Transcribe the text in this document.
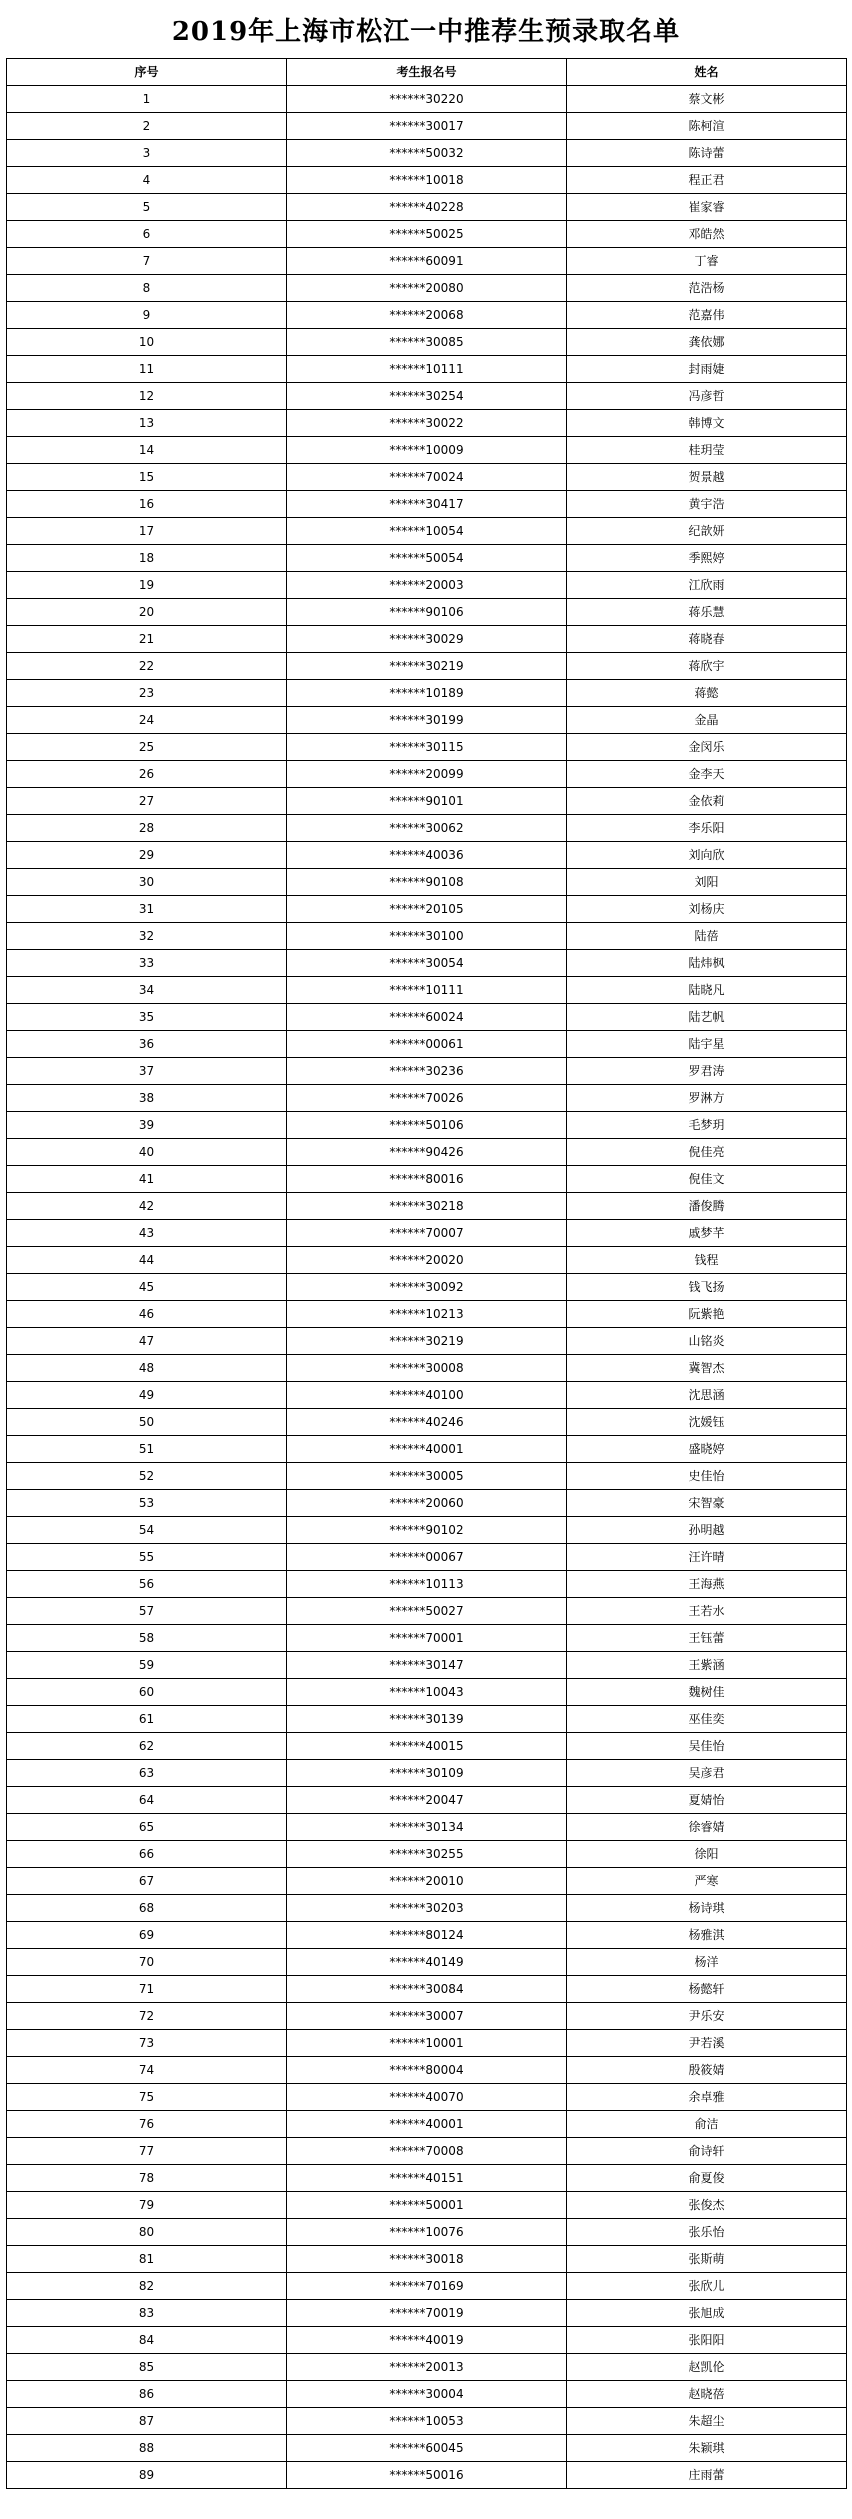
2019年上海市松江一中推荐生预录取名单
序号	考生报名号	姓名
1	******30220	蔡文彬
2	******30017	陈柯渲
3	******50032	陈诗蕾
4	******10018	程正君
5	******40228	崔家睿
6	******50025	邓皓然
7	******60091	丁睿
8	******20080	范浩杨
9	******20068	范嘉伟
10	******30085	龚依娜
11	******10111	封雨婕
12	******30254	冯彦哲
13	******30022	韩博文
14	******10009	桂玥莹
15	******70024	贺景越
16	******30417	黄宇浩
17	******10054	纪歆妍
18	******50054	季熙婷
19	******20003	江欣雨
20	******90106	蒋乐慧
21	******30029	蒋晓春
22	******30219	蒋欣宇
23	******10189	蒋懿
24	******30199	金晶
25	******30115	金闵乐
26	******20099	金李天
27	******90101	金依莉
28	******30062	李乐阳
29	******40036	刘向欣
30	******90108	刘阳
31	******20105	刘杨庆
32	******30100	陆蓓
33	******30054	陆炜枫
34	******10111	陆晓凡
35	******60024	陆艺帆
36	******00061	陆宇星
37	******30236	罗君涛
38	******70026	罗淋方
39	******50106	毛梦玥
40	******90426	倪佳亮
41	******80016	倪佳文
42	******30218	潘俊腾
43	******70007	戚梦芊
44	******20020	钱程
45	******30092	钱飞扬
46	******10213	阮紫艳
47	******30219	山铭炎
48	******30008	冀智杰
49	******40100	沈思涵
50	******40246	沈媛钰
51	******40001	盛晓婷
52	******30005	史佳怡
53	******20060	宋智豪
54	******90102	孙明越
55	******00067	汪许晴
56	******10113	王海燕
57	******50027	王若水
58	******70001	王钰蕾
59	******30147	王紫涵
60	******10043	魏树佳
61	******30139	巫佳奕
62	******40015	吴佳怡
63	******30109	吴彦君
64	******20047	夏婧怡
65	******30134	徐睿婧
66	******30255	徐阳
67	******20010	严寒
68	******30203	杨诗琪
69	******80124	杨雅淇
70	******40149	杨洋
71	******30084	杨懿轩
72	******30007	尹乐安
73	******10001	尹若溪
74	******80004	殷筱婧
75	******40070	余卓雅
76	******40001	俞洁
77	******70008	俞诗轩
78	******40151	俞夏俊
79	******50001	张俊杰
80	******10076	张乐怡
81	******30018	张斯萌
82	******70169	张欣儿
83	******70019	张旭成
84	******40019	张阳阳
85	******20013	赵凯伦
86	******30004	赵晓蓓
87	******10053	朱超尘
88	******60045	朱颖琪
89	******50016	庄雨蕾
